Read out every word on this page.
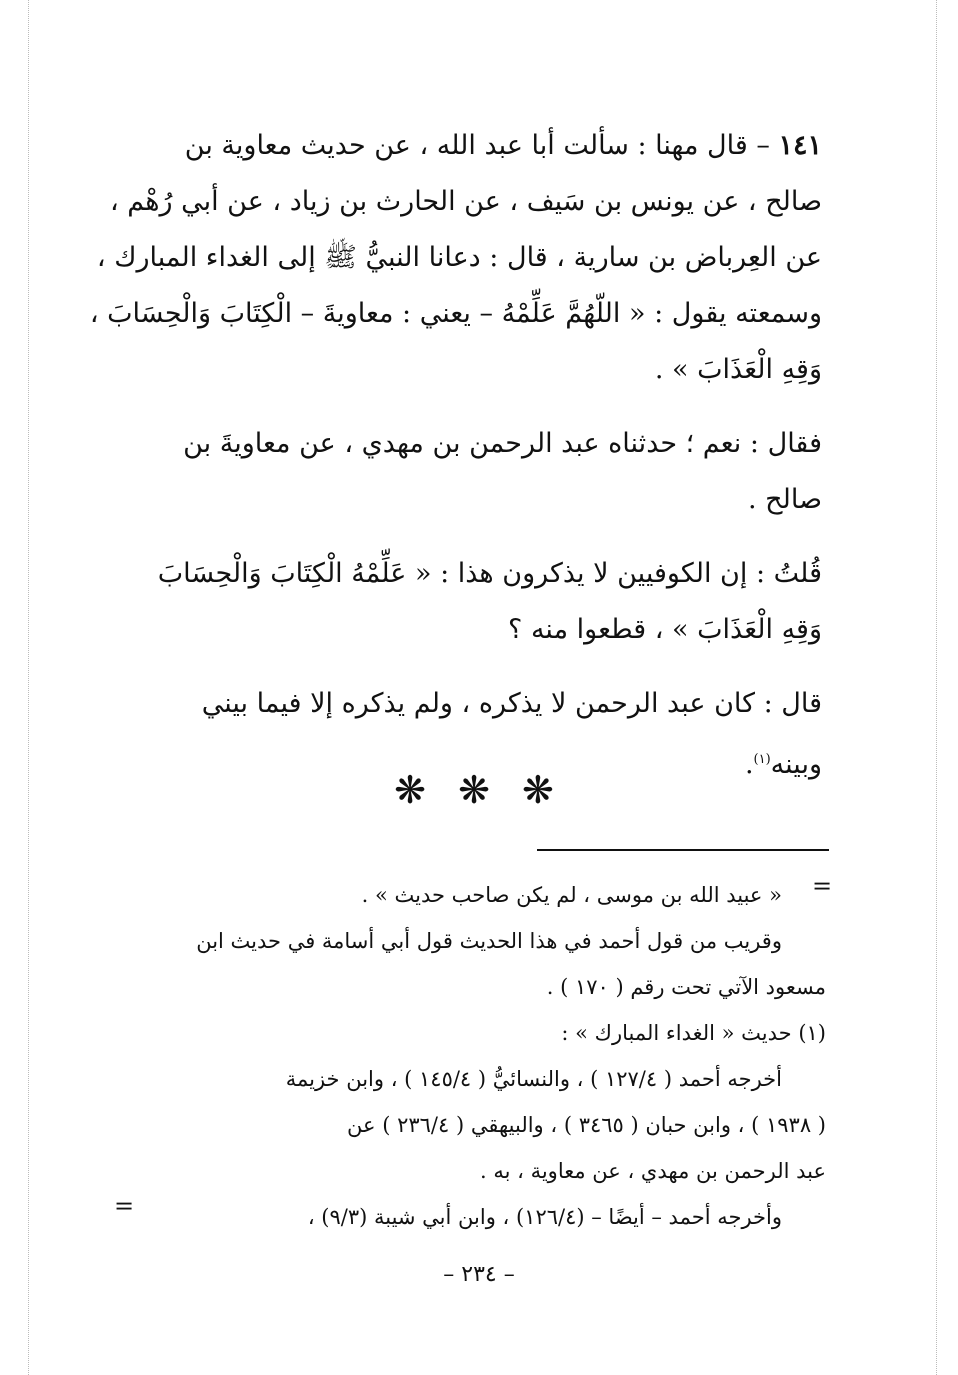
١٤١ – قال مهنا : سألت أبا عبد الله ، عن حديث معاوية بن
صالح ، عن يونس بن سَيف ، عن الحارث بن زياد ، عن أبي رُهْم ،
عن العِرباض بن سارية ، قال : دعانا النبيُّ ﷺ إلى الغداء المبارك ،
وسمعته يقول : « اللّهُمَّ عَلِّمْهُ – يعني : معاويةَ – الْكِتَابَ وَالْحِسَابَ ،
وَقِهِ الْعَذَابَ » .
فقال : نعم ؛ حدثناه عبد الرحمن بن مهدي ، عن معاويةَ بن
صالح .
قُلتُ : إن الكوفيين لا يذكرون هذا : « عَلِّمْهُ الْكِتَابَ وَالْحِسَابَ
وَقِهِ الْعَذَابَ » ، قطعوا منه ؟
قال : كان عبد الرحمن لا يذكره ، ولم يذكره إلا فيما بيني
وبينه$^{(١)}$.
❋ ❋ ❋
=
« عبيد الله بن موسى ، لم يكن صاحب حديث » .
وقريب من قول أحمد في هذا الحديث قول أبي أسامة في حديث ابن
مسعود الآتي تحت رقم ( ١٧٠ ) .
(١) حديث « الغداء المبارك » :
أخرجه أحمد ( ١٢٧/٤ ) ، والنسائيُّ ( ١٤٥/٤ ) ، وابن خزيمة
( ١٩٣٨ ) ، وابن حبان ( ٣٤٦٥ ) ، والبيهقي ( ٢٣٦/٤ ) عن
عبد الرحمن بن مهدي ، عن معاوية ، به .
وأخرجه أحمد – أيضًا – (١٢٦/٤) ، وابن أبي شيبة (٩/٣) ،
=
– ٢٣٤ –
